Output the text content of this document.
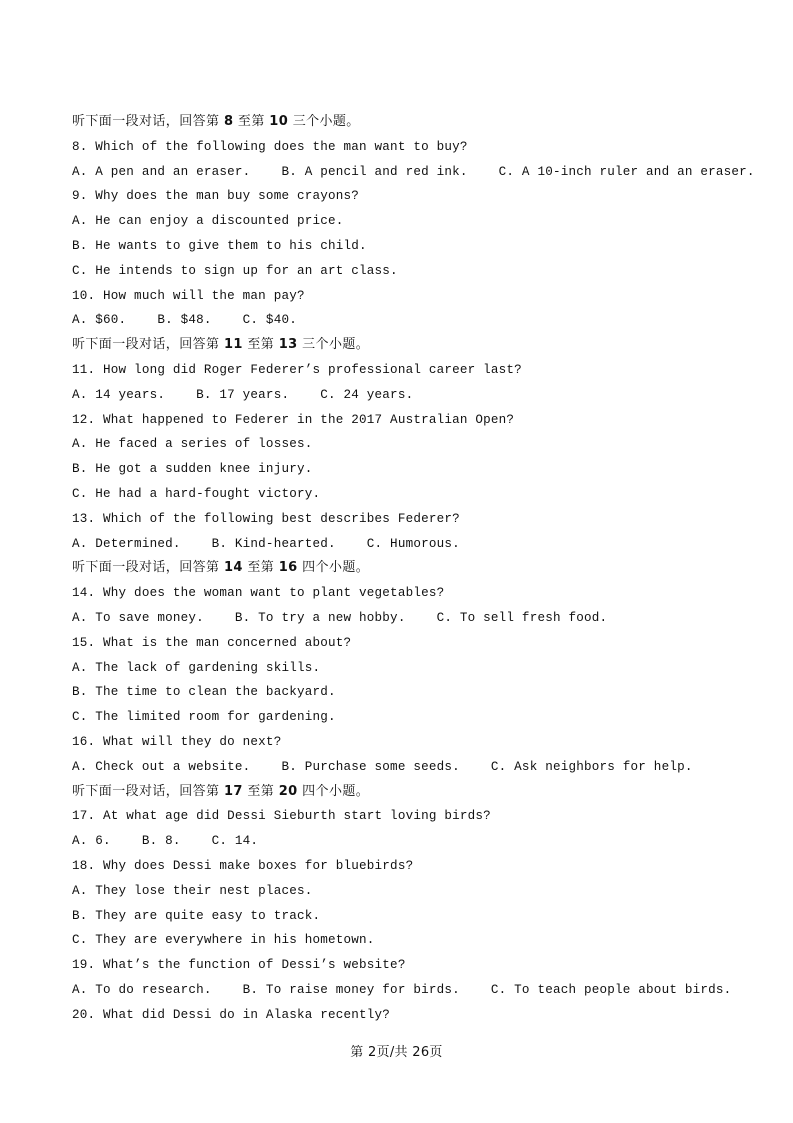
听下面一段对话，回答第 8 至第 10 三个小题。
8. Which of the following does the man want to buy?
A. A pen and an eraser.    B. A pencil and red ink.    C. A 10-inch ruler and an eraser.
9. Why does the man buy some crayons?
A. He can enjoy a discounted price.
B. He wants to give them to his child.
C. He intends to sign up for an art class.
10. How much will the man pay?
A. $60.    B. $48.    C. $40.
听下面一段对话，回答第 11 至第 13 三个小题。
11. How long did Roger Federer’s professional career last?
A. 14 years.    B. 17 years.    C. 24 years.
12. What happened to Federer in the 2017 Australian Open?
A. He faced a series of losses.
B. He got a sudden knee injury.
C. He had a hard-fought victory.
13. Which of the following best describes Federer?
A. Determined.    B. Kind-hearted.    C. Humorous.
听下面一段对话，回答第 14 至第 16 四个小题。
14. Why does the woman want to plant vegetables?
A. To save money.    B. To try a new hobby.    C. To sell fresh food.
15. What is the man concerned about?
A. The lack of gardening skills.
B. The time to clean the backyard.
C. The limited room for gardening.
16. What will they do next?
A. Check out a website.    B. Purchase some seeds.    C. Ask neighbors for help.
听下面一段对话，回答第 17 至第 20 四个小题。
17. At what age did Dessi Sieburth start loving birds?
A. 6.    B. 8.    C. 14.
18. Why does Dessi make boxes for bluebirds?
A. They lose their nest places.
B. They are quite easy to track.
C. They are everywhere in his hometown.
19. What’s the function of Dessi’s website?
A. To do research.    B. To raise money for birds.    C. To teach people about birds.
20. What did Dessi do in Alaska recently?
第 2页/共 26页
